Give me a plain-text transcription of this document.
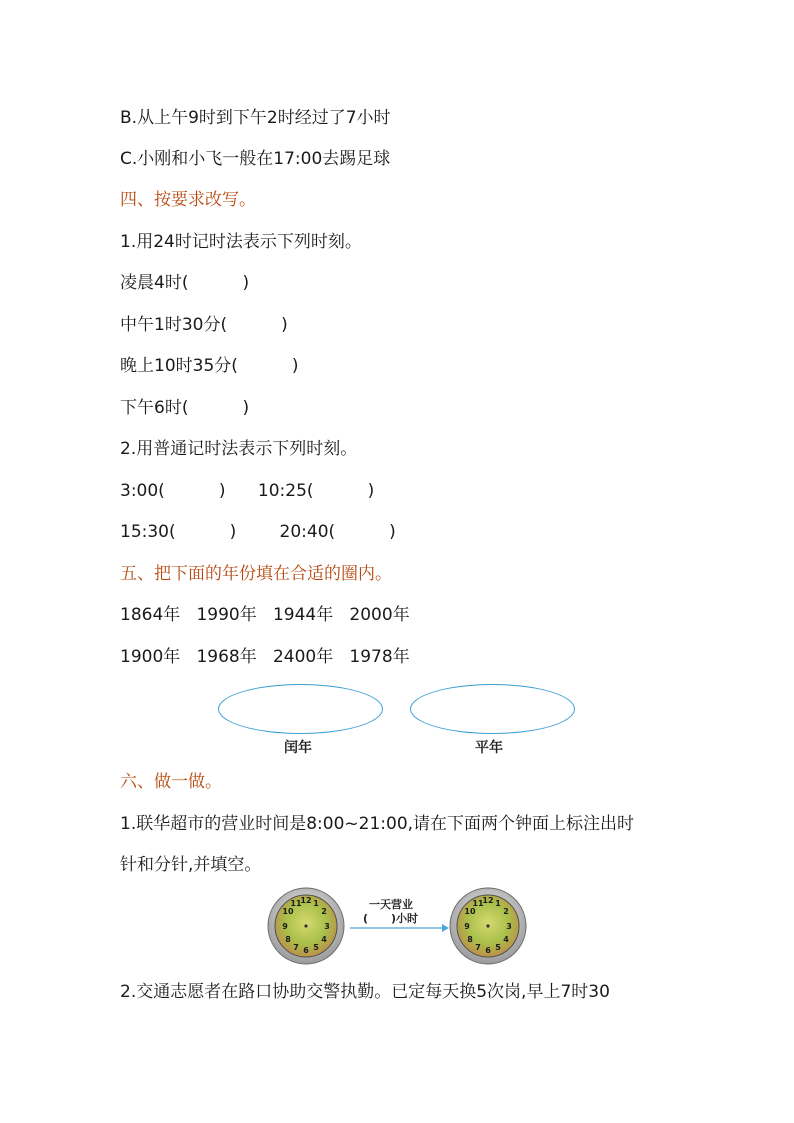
B.从上午9时到下午2时经过了7小时
C.小刚和小飞一般在17:00去踢足球
四、按要求改写。
1.用24时记时法表示下列时刻。
凌晨4时(          )
中午1时30分(          )
晚上10时35分(          )
下午6时(          )
2.用普通记时法表示下列时刻。
3:00(          )      10:25(          )
15:30(          )        20:40(          )
五、把下面的年份填在合适的圈内。
1864年   1990年   1944年   2000年
1900年   1968年   2400年   1978年
闰年	平年
六、做一做。
1.联华超市的营业时间是8:00~21:00,请在下面两个钟面上标注出时
针和分针,并填空。
12 1
2
3
4
5
6
7
8
9
10
11	一天营业
(      )小时
12 1
2
3
4
5
6
7
8
9
10
11
2.交通志愿者在路口协助交警执勤。已定每天换5次岗,早上7时30
